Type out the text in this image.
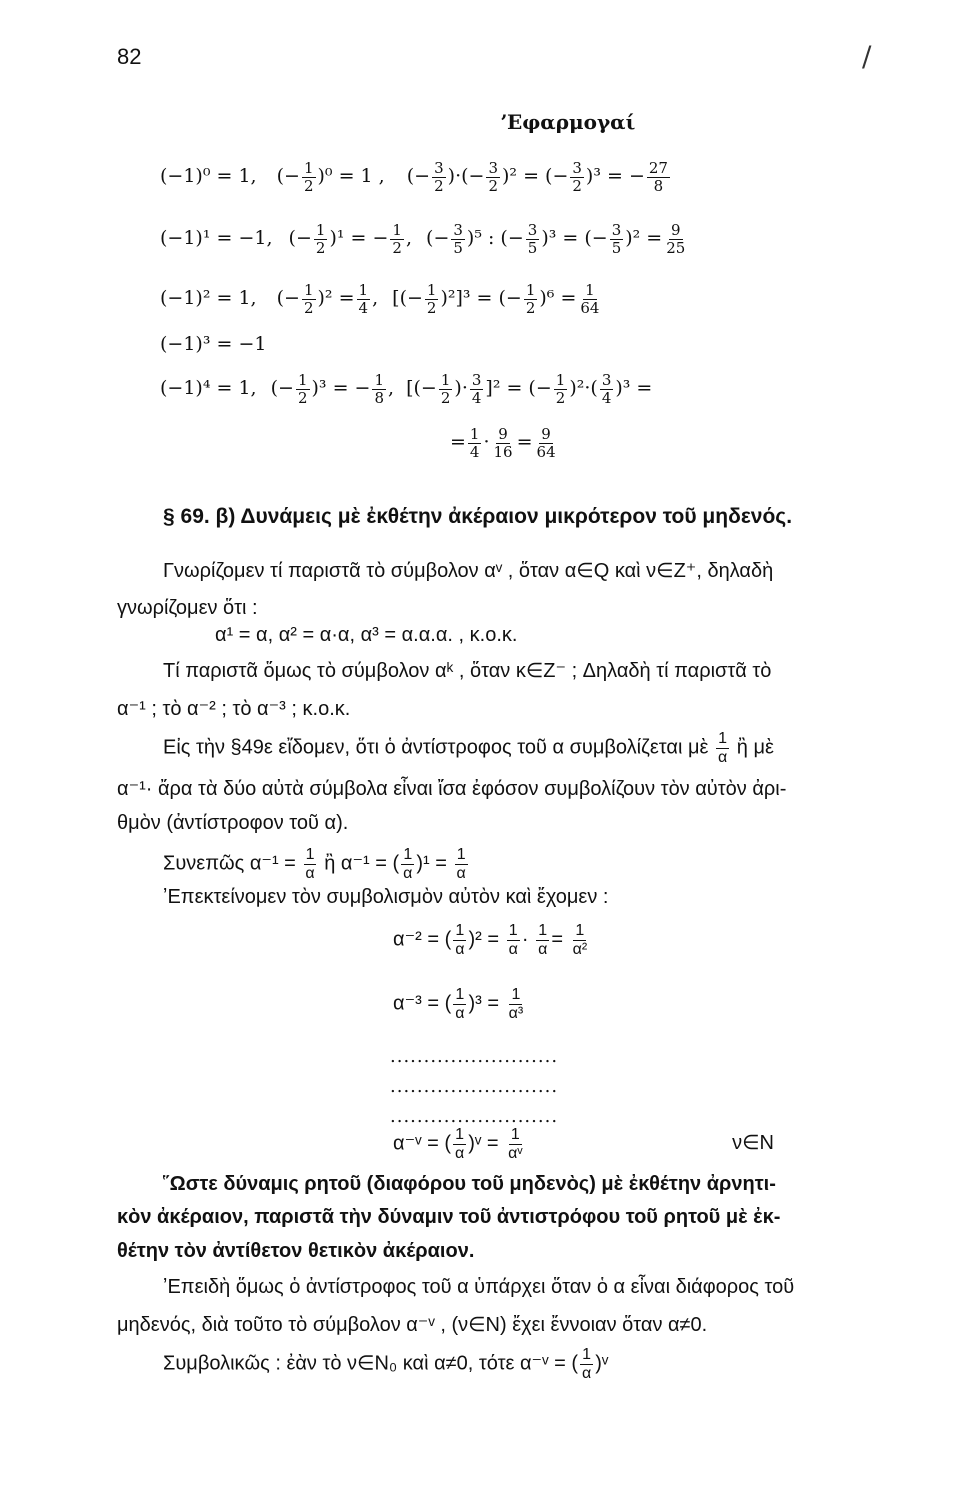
82	/
ʼΕφαρμογαί
(−1)⁰ = 1, (− $\frac{1}{2} )^0 = 1$ , (− $\frac{3}{2}$ )·(− $\frac{3}{2} )^2$ = (− $\frac{3}{2} )^3$ = − $\frac{27}{8}$
(−1)¹ = −1, (− $\frac{1}{2} )^1$ = − $\frac{1}{2}$ , (− $\frac{3}{5} )^5$ : (− $\frac{3}{5} )^3$ = (− $\frac{3}{5} )^2 = \frac{9}{25}$
(−1)² = 1, (− $\frac{1}{2} )^2 = \frac{1}{4}$ , [(− $\frac{1}{2} )^2]^3$ = (− $\frac{1}{2} )^6 = \frac{1}{64}$
(−1)³ = −1
(−1)⁴ = 1, (− $\frac{1}{2} )^3$ = − $\frac{1}{8}$ , [(− $\frac{1}{2}$ )· $\frac{3}{4} ]^2$ = (− $\frac{1}{2} )^2\cdot( \frac{3}{4} )^3$ =
= $\frac{1}{4} \cdot \frac{9}{16} = \frac{9}{64}$
§ 69. β) Δυνάμεις μὲ ἐκθέτην ἀκέραιον μικρότερον τοῦ μηδενός.
Γνωρίζομεν τί παριστᾶ τὸ σύμβολον αᵛ , ὅταν α∈Q καὶ ν∈Z⁺, δηλαδὴ
γνωρίζομεν ὅτι :
α¹ = α, α² = α·α, α³ = α.α.α. , κ.ο.κ.
Τί παριστᾶ ὅμως τὸ σύμβολον αᵏ , ὅταν κ∈Z⁻ ; Δηλαδὴ τί παριστᾶ τὸ
α⁻¹ ; τὸ α⁻² ; τὸ α⁻³ ; κ.ο.κ.
Εἰς τὴν §49ε εἴδομεν, ὅτι ὁ ἀντίστροφος τοῦ α συμβολίζεται μὲ $\frac{1}{\alpha}$ ἢ μὲ
α⁻¹· ἄρα τὰ δύο αὐτὰ σύμβολα εἶναι ἴσα ἐφόσον συμβολίζουν τὸν αὐτὸν ἀρι-
θμὸν (ἀντίστροφον τοῦ α).
Συνεπῶς $\alpha^{-1} = \frac{1}{\alpha}$ ἢ α⁻¹ = ( $\frac{1}{\alpha} )^1 = \frac{1}{\alpha}$
ʼΕπεκτείνομεν τὸν συμβολισμὸν αὐτὸν καὶ ἔχομεν :
α⁻² = ( $\frac{1}{\alpha} )^2 = \frac{1}{\alpha} \cdot \frac{1}{\alpha} = \frac{1}{\text{α²}}$
α⁻³ = ( $\frac{1}{\alpha} )^3 = \frac{1}{\text{α³}}$
.........................
.........................
.........................
α⁻ᵛ = ( $\frac{1}{\alpha}$ )ᵛ = $\frac{1}{\text{αᵛ}}$	ν∈N
῞Ωστε δύναμις ρητοῦ (διαφόρου τοῦ μηδενὸς) μὲ ἐκθέτην ἀρνητι-
κὸν ἀκέραιον, παριστᾶ τὴν δύναμιν τοῦ ἀντιστρόφου τοῦ ρητοῦ μὲ ἐκ-
θέτην τὸν ἀντίθετον θετικὸν ἀκέραιον.
ʼΕπειδὴ ὅμως ὁ ἀντίστροφος τοῦ α ὑπάρχει ὅταν ὁ α εἶναι διάφορος τοῦ
μηδενός, διὰ τοῦτο τὸ σύμβολον α⁻ᵛ , (ν∈N) ἔχει ἔννοιαν ὅταν α≠0.
Συμβολικῶς : ἐὰν τὸ ν∈N₀ καὶ α≠0, τότε α⁻ᵛ = ( $\frac{1}{\alpha}$ )ᵛ
